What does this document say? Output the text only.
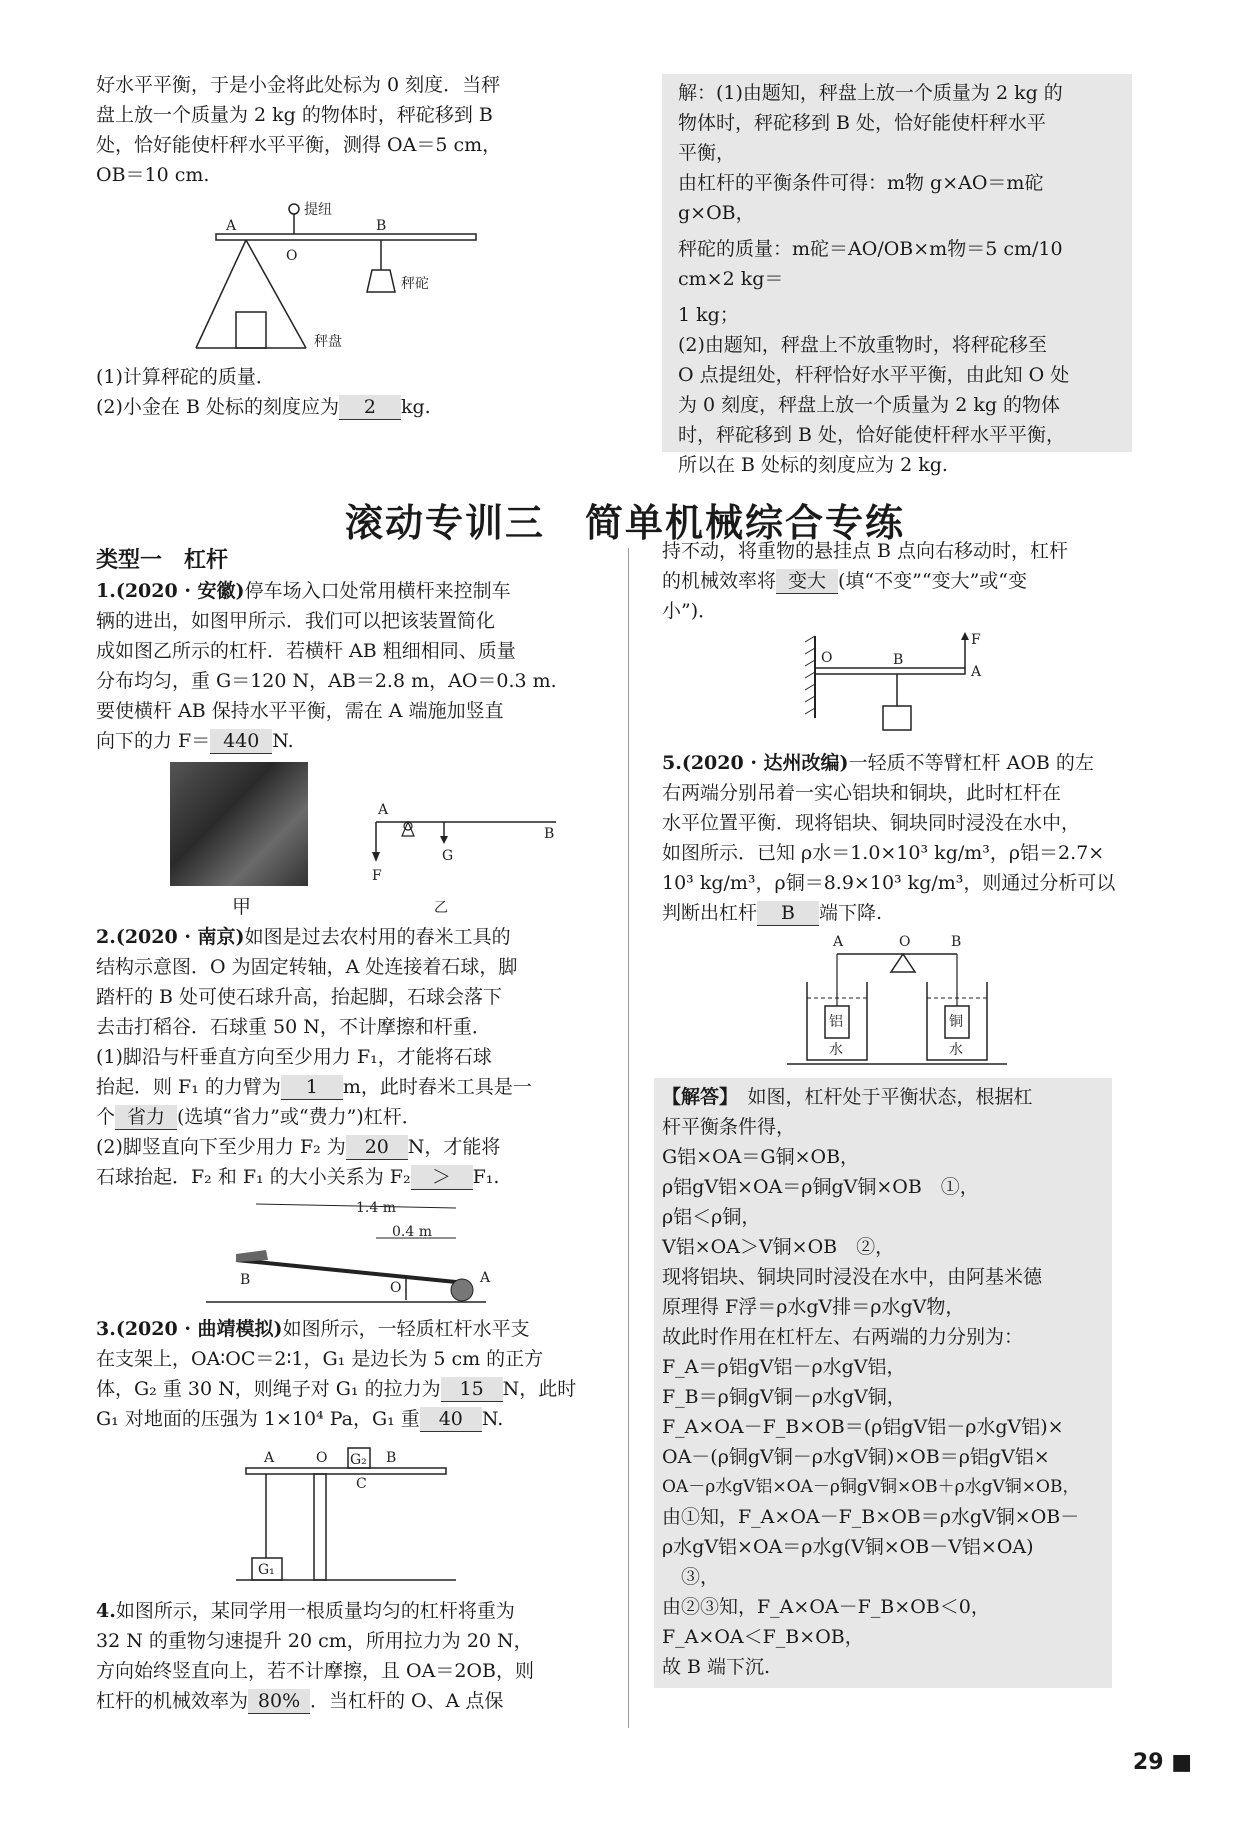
好水平平衡，于是小金将此处标为 0 刻度．当秤

盘上放一个质量为 2 kg 的物体时，秤砣移到 B

处，恰好能使杆秤水平平衡，测得 OA＝5 cm，

OB＝10 cm.

提纽
A
O
B
秤砣
秤盘

(1)计算秤砣的质量．

(2)小金在 B 处标的刻度应为 2 kg.

解：(1)由题知，秤盘上放一个质量为 2 kg 的

物体时，秤砣移到 B 处，恰好能使杆秤水平

平衡，

由杠杆的平衡条件可得：m物 g×AO＝m砣 g×OB，

秤砣的质量：m砣＝AO/OB×m物＝5 cm/10 cm×2 kg＝

1 kg；

(2)由题知，秤盘上不放重物时，将秤砣移至

O 点提纽处，杆秤恰好水平平衡，由此知 O 处

为 0 刻度，秤盘上放一个质量为 2 kg 的物体

时，秤砣移到 B 处，恰好能使杆秤水平平衡，

所以在 B 处标的刻度应为 2 kg.

滚动专训三　简单机械综合专练

类型一　杠杆

1.(2020 · 安徽)停车场入口处常用横杆来控制车

辆的进出，如图甲所示．我们可以把该装置简化

成如图乙所示的杠杆．若横杆 AB 粗细相同、质量

分布均匀，重 G＝120 N，AB＝2.8 m，AO＝0.3 m.

要使横杆 AB 保持水平平衡，需在 A 端施加竖直

向下的力 F＝ 440 N.

甲
A
B
F
G
乙

2.(2020 · 南京)如图是过去农村用的舂米工具的

结构示意图．O 为固定转轴，A 处连接着石球，脚

踏杆的 B 处可使石球升高，抬起脚，石球会落下

去击打稻谷．石球重 50 N，不计摩擦和杆重．

(1)脚沿与杆垂直方向至少用力 F₁，才能将石球

抬起．则 F₁ 的力臂为 1 m，此时舂米工具是一

个 省力 (选填“省力”或“费力”)杠杆．

(2)脚竖直向下至少用力 F₂ 为 20 N，才能将

石球抬起．F₂ 和 F₁ 的大小关系为 F₂ ＞ F₁.

1.4 m
0.4 m
B	O
A

3.(2020 · 曲靖模拟)如图所示，一轻质杠杆水平支

在支架上，OA∶OC＝2∶1，G₁ 是边长为 5 cm 的正方

体，G₂ 重 30 N，则绳子对 G₁ 的拉力为 15 N，此时

G₁ 对地面的压强为 1×10⁴ Pa，G₁ 重 40 N.

A	O G₂
C
B
G₁

4.如图所示，某同学用一根质量均匀的杠杆将重为

32 N 的重物匀速提升 20 cm，所用拉力为 20 N，

方向始终竖直向上，若不计摩擦，且 OA＝2OB，则

杠杆的机械效率为 80% ．当杠杆的 O、A 点保

持不动，将重物的悬挂点 B 点向右移动时，杠杆

的机械效率将 变大 (填“不变”“变大”或“变

小”)．

O	B
A
F

5.(2020 · 达州改编)一轻质不等臂杠杆 AOB 的左

右两端分别吊着一实心铝块和铜块，此时杠杆在

水平位置平衡．现将铝块、铜块同时浸没在水中，

如图所示．已知 ρ水＝1.0×10³ kg/m³，ρ铝＝2.7×

10³ kg/m³，ρ铜＝8.9×10³ kg/m³，则通过分析可以

判断出杠杆 B 端下降.

A	O	B
铝	铜
水	水

【解答】　 如图，杠杆处于平衡状态，根据杠

杆平衡条件得，

G铝×OA＝G铜×OB，

ρ铝gV铝×OA＝ρ铜gV铜×OB　①，

ρ铝＜ρ铜，

V铝×OA＞V铜×OB　②，

现将铝块、铜块同时浸没在水中，由阿基米德

原理得 F浮＝ρ水gV排＝ρ水gV物，

故此时作用在杠杆左、右两端的力分别为：

F_A＝ρ铝gV铝－ρ水gV铝，

F_B＝ρ铜gV铜－ρ水gV铜，

F_A×OA－F_B×OB＝(ρ铝gV铝－ρ水gV铝)×

OA－(ρ铜gV铜－ρ水gV铜)×OB＝ρ铝gV铝×

OA－ρ水gV铝×OA－ρ铜gV铜×OB＋ρ水gV铜×OB，

由①知，F_A×OA－F_B×OB＝ρ水gV铜×OB－

ρ水gV铝×OA＝ρ水g(V铜×OB－V铝×OA)

　③，

由②③知，F_A×OA－F_B×OB＜0，

F_A×OA＜F_B×OB，

故 B 端下沉.

29 ■
